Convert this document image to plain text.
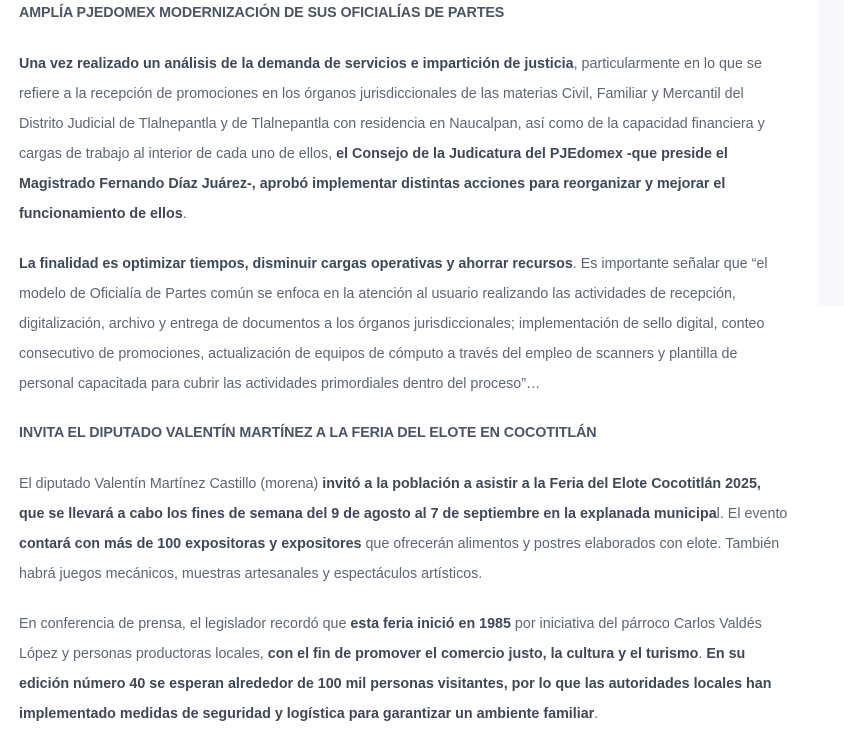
AMPLÍA PJEDOMEX MODERNIZACIÓN DE SUS OFICIALÍAS DE PARTES

Una vez realizado un análisis de la demanda de servicios e impartición de justicia, particularmente en lo que se refiere a la recepción de promociones en los órganos jurisdiccionales de las materias Civil, Familiar y Mercantil del Distrito Judicial de Tlalnepantla y de Tlalnepantla con residencia en Naucalpan, así como de la capacidad financiera y cargas de trabajo al interior de cada uno de ellos, el Consejo de la Judicatura del PJEdomex -que preside el Magistrado Fernando Díaz Juárez-, aprobó implementar distintas acciones para reorganizar y mejorar el funcionamiento de ellos.

La finalidad es optimizar tiempos, disminuir cargas operativas y ahorrar recursos. Es importante señalar que “el modelo de Oficialía de Partes común se enfoca en la atención al usuario realizando las actividades de recepción, digitalización, archivo y entrega de documentos a los órganos jurisdiccionales; implementación de sello digital, conteo consecutivo de promociones, actualización de equipos de cómputo a través del empleo de scanners y plantilla de personal capacitada para cubrir las actividades primordiales dentro del proceso”…

INVITA EL DIPUTADO VALENTÍN MARTÍNEZ A LA FERIA DEL ELOTE EN COCOTITLÁN

El diputado Valentín Martínez Castillo (morena) invitó a la población a asistir a la Feria del Elote Cocotitlán 2025, que se llevará a cabo los fines de semana del 9 de agosto al 7 de septiembre en la explanada municipal. El evento contará con más de 100 expositoras y expositores que ofrecerán alimentos y postres elaborados con elote. También habrá juegos mecánicos, muestras artesanales y espectáculos artísticos.

En conferencia de prensa, el legislador recordó que esta feria inició en 1985 por iniciativa del párroco Carlos Valdés López y personas productoras locales, con el fin de promover el comercio justo, la cultura y el turismo. En su edición número 40 se esperan alrededor de 100 mil personas visitantes, por lo que las autoridades locales han implementado medidas de seguridad y logística para garantizar un ambiente familiar.
